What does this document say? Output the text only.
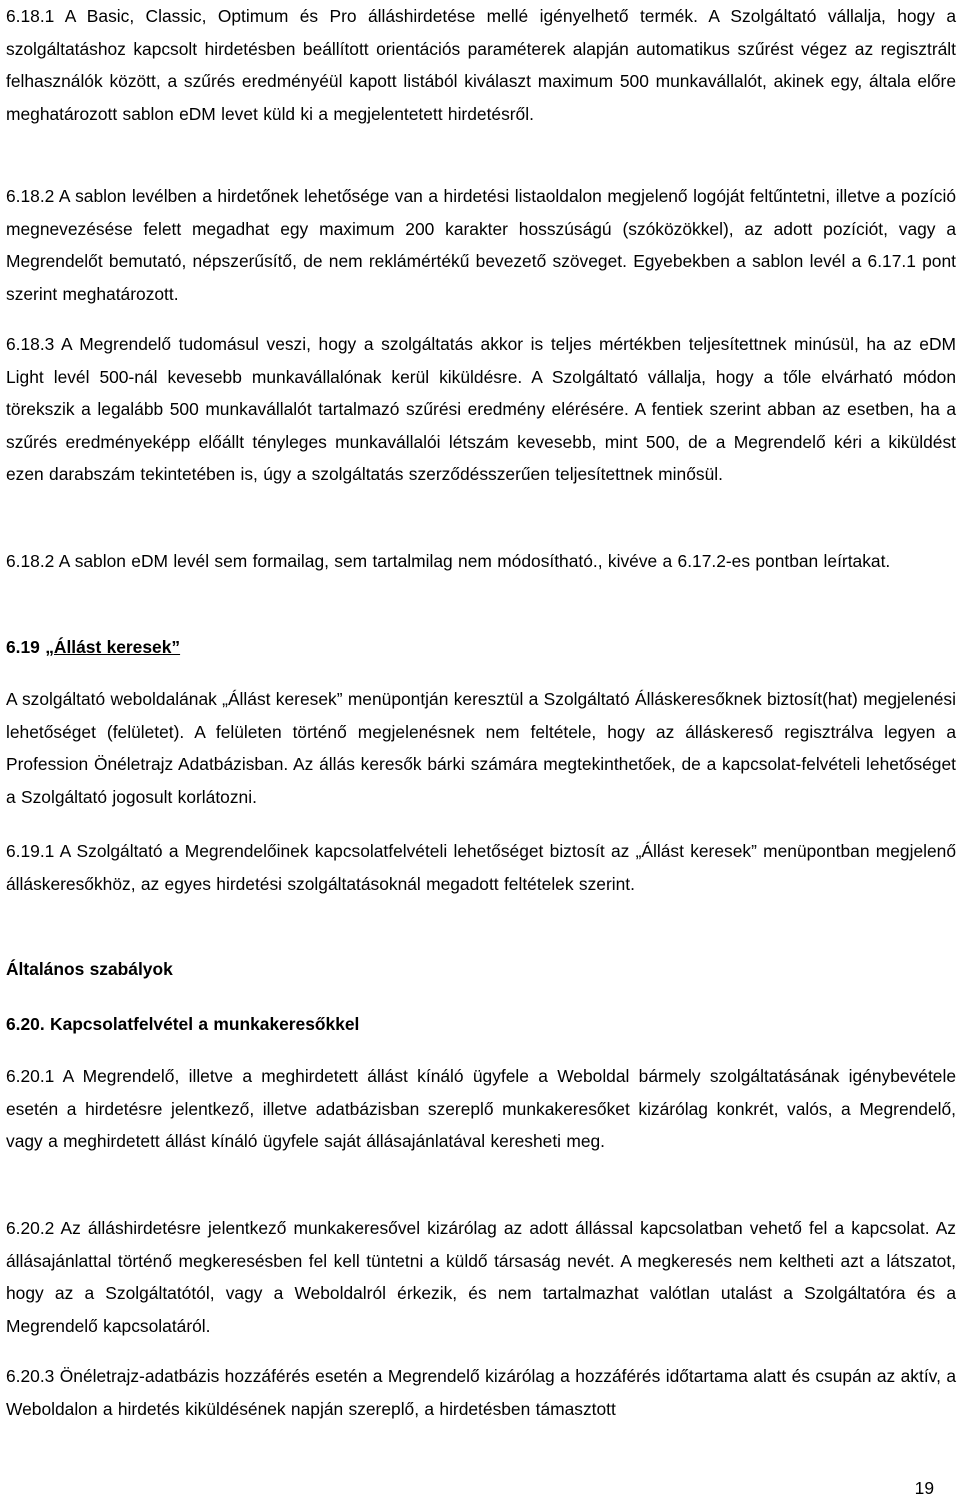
6.18.1 A Basic, Classic, Optimum és Pro álláshirdetése mellé igényelhető termék. A Szolgáltató vállalja, hogy a szolgáltatáshoz kapcsolt hirdetésben beállított orientációs paraméterek alapján automatikus szűrést végez az regisztrált felhasználók között, a szűrés eredményéül kapott listából kiválaszt maximum 500 munkavállalót, akinek egy, általa előre meghatározott sablon eDM levet küld ki a megjelentetett hirdetésről.

6.18.2 A sablon levélben a hirdetőnek lehetősége van a hirdetési listaoldalon megjelenő logóját feltűntetni, illetve a pozíció megnevezésése felett megadhat egy maximum 200 karakter hosszúságú (szóközökkel), az adott pozíciót, vagy a Megrendelőt bemutató, népszerűsítő, de nem reklámértékű bevezető szöveget. Egyebekben a sablon levél a 6.17.1 pont szerint meghatározott.

6.18.3 A Megrendelő tudomásul veszi, hogy a szolgáltatás akkor is teljes mértékben teljesítettnek minúsül, ha az eDM Light levél 500-nál kevesebb munkavállalónak kerül kiküldésre. A Szolgáltató vállalja, hogy a tőle elvárható módon törekszik a legalább 500 munkavállalót tartalmazó szűrési eredmény elérésére. A fentiek szerint abban az esetben, ha a szűrés eredményeképp előállt tényleges munkavállalói létszám kevesebb, mint 500, de a Megrendelő kéri a kiküldést ezen darabszám tekintetében is, úgy a szolgáltatás szerződésszerűen teljesítettnek minősül.

6.18.2 A sablon eDM levél sem formailag, sem tartalmilag nem módosítható., kivéve a 6.17.2-es pontban leírtakat.

6.19 „Állást keresek”

A szolgáltató weboldalának „Állást keresek” menüpontján keresztül a Szolgáltató Álláskeresőknek biztosít(hat) megjelenési lehetőséget (felületet). A felületen történő megjelenésnek nem feltétele, hogy az álláskereső regisztrálva legyen a Profession Önéletrajz Adatbázisban. Az állás keresők bárki számára megtekinthetőek, de a kapcsolat-felvételi lehetőséget a Szolgáltató jogosult korlátozni.

6.19.1 A Szolgáltató a Megrendelőinek kapcsolatfelvételi lehetőséget biztosít az „Állást keresek” menüpontban megjelenő álláskeresőkhöz, az egyes hirdetési szolgáltatásoknál megadott feltételek szerint.

Általános szabályok

6.20. Kapcsolatfelvétel a munkakeresőkkel

6.20.1 A Megrendelő, illetve a meghirdetett állást kínáló ügyfele a Weboldal bármely szolgáltatásának igénybevétele esetén a hirdetésre jelentkező, illetve adatbázisban szereplő munkakeresőket kizárólag konkrét, valós, a Megrendelő, vagy a meghirdetett állást kínáló ügyfele saját állásajánlatával keresheti meg.

6.20.2 Az álláshirdetésre jelentkező munkakeresővel kizárólag az adott állással kapcsolatban vehető fel a kapcsolat. Az állásajánlattal történő megkeresésben fel kell tüntetni a küldő társaság nevét. A megkeresés nem keltheti azt a látszatot, hogy az a Szolgáltatótól, vagy a Weboldalról érkezik, és nem tartalmazhat valótlan utalást a Szolgáltatóra és a Megrendelő kapcsolatáról.

6.20.3 Önéletrajz-adatbázis hozzáférés esetén a Megrendelő kizárólag a hozzáférés időtartama alatt és csupán az aktív, a Weboldalon a hirdetés kiküldésének napján szereplő, a hirdetésben támasztott

19
